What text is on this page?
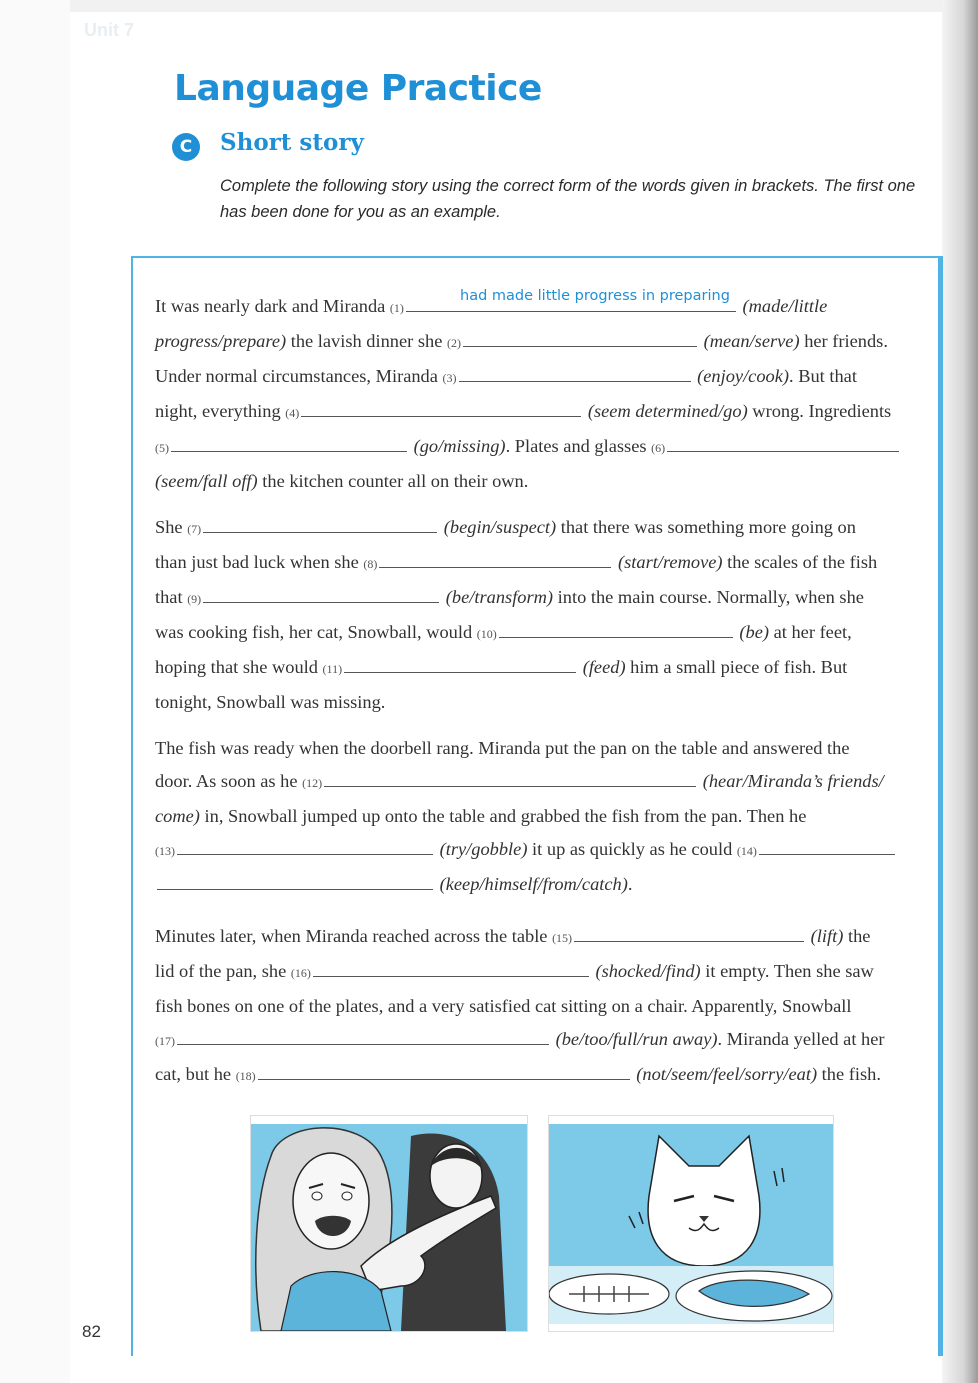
Unit 7
Language Practice
C	Short story
Complete the following story using the correct form of the words given in brackets. The first one has been done for you as an example.
It was nearly dark and Miranda (1)	(made/little
progress/prepare) the lavish dinner she (2)	(mean/serve) her friends.
Under normal circumstances, Miranda (3)	(enjoy/cook). But that
night, everything (4)	(seem determined/go) wrong. Ingredients
(5)	(go/missing). Plates and glasses (6)
(seem/fall off) the kitchen counter all on their own.
She (7)	(begin/suspect) that there was something more going on
than just bad luck when she (8)	(start/remove) the scales of the fish
that (9)	(be/transform) into the main course. Normally, when she
was cooking fish, her cat, Snowball, would (10)	(be) at her feet,
hoping that she would (11)	(feed) him a small piece of fish. But
tonight, Snowball was missing.
The fish was ready when the doorbell rang. Miranda put the pan on the table and answered the
door. As soon as he (12)	(hear/Miranda’s friends/
come) in, Snowball jumped up onto the table and grabbed the fish from the pan. Then he
(13)	(try/gobble) it up as quickly as he could (14)
(keep/himself/from/catch).
Minutes later, when Miranda reached across the table (15)	(lift) the
lid of the pan, she (16)	(shocked/find) it empty. Then she saw
fish bones on one of the plates, and a very satisfied cat sitting on a chair. Apparently, Snowball
(17)	(be/too/full/run away). Miranda yelled at her
cat, but he (18)	(not/seem/feel/sorry/eat) the fish.
had made little progress in preparing
82
